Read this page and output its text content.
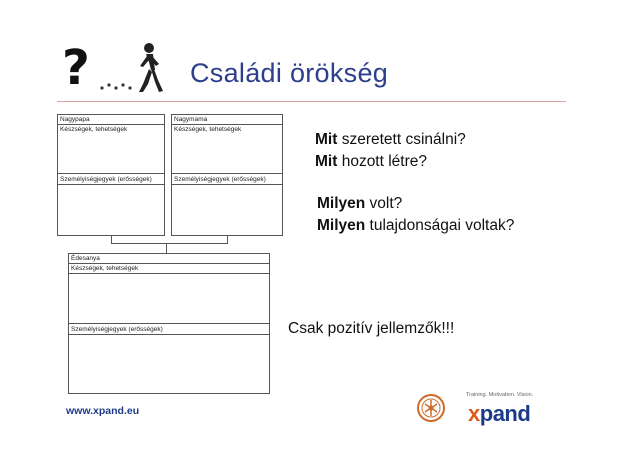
?	Családi örökség
Nagypapa
Készségek, tehetségek
Személyiségjegyek (erősségek)
Nagymama
Készségek, tehetségek
Személyiségjegyek (erősségek)
Édesanya
Készségek, tehetségek
Személyiségjegyek (erősségek)
Mit szeretett csinálni?
Mit hozott létre?
Milyen volt?
Milyen tulajdonságai voltak?
Csak pozitív jellemzők!!!
www.xpand.eu
Training. Motivation. Vision.
xpand
